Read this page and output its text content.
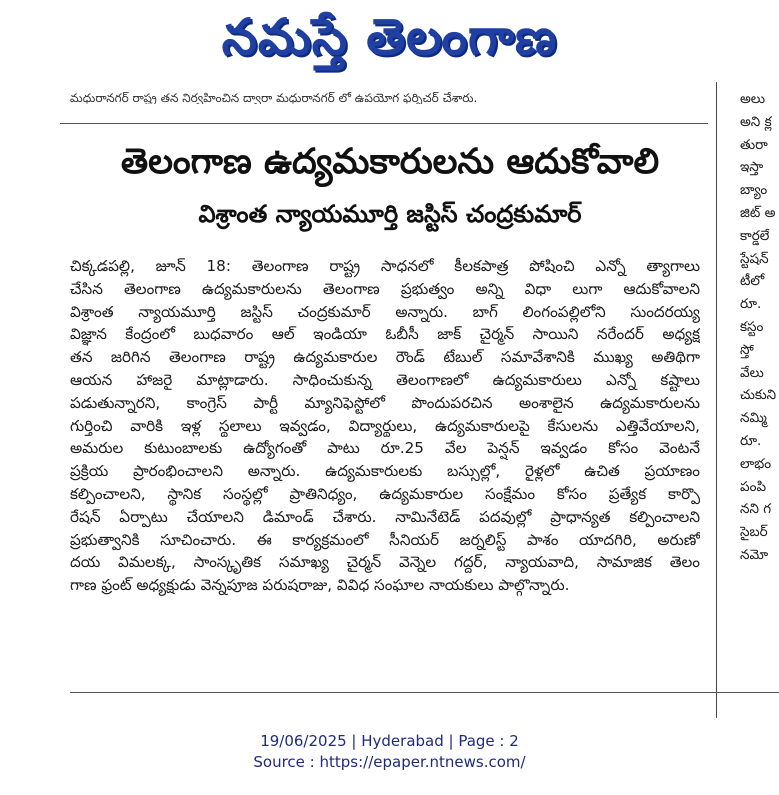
నమస్తే తెలంగాణ
మధురానగర్ రాష్ట్ర తన నిర్వహించిన ద్వారా మధురానగర్ లో ఉపయోగ ఫర్నిచర్ చేశారు.
తెలంగాణ ఉద్యమకారులను ఆదుకోవాలి
విశ్రాంత న్యాయమూర్తి జస్టిస్ చంద్రకుమార్
చిక్కడపల్లి, జూన్ 18: తెలంగాణ రాష్ట్ర సాధనలో కీలకపాత్ర పోషించి ఎన్నో త్యాగాలు
చేసిన తెలంగాణ ఉద్యమకారులను తెలంగాణ ప్రభుత్వం అన్ని విధా లుగా ఆదుకోవాలని
విశ్రాంత న్యాయమూర్తి జస్టిస్ చంద్రకుమార్ అన్నారు. బాగ్ లింగంపల్లిలోని సుందరయ్య
విజ్ఞాన కేంద్రంలో బుధవారం ఆల్ ఇండియా ఓబీసీ జాక్ చైర్మన్ సాయిని నరేందర్ అధ్యక్ష
తన జరిగిన తెలంగాణ రాష్ట్ర ఉద్యమకారుల రౌండ్ టేబుల్ సమావేశానికి ముఖ్య అతిథిగా
ఆయన హాజరై మాట్లాడారు. సాధించుకున్న తెలంగాణలో ఉద్యమకారులు ఎన్నో కష్టాలు
పడుతున్నారని, కాంగ్రెస్ పార్టీ మ్యానిఫెస్టోలో పొందుపరచిన అంశాలైన ఉద్యమకారులను
గుర్తించి వారికి ఇళ్ల స్థలాలు ఇవ్వడం, విద్యార్థులు, ఉద్యమకారులపై కేసులను ఎత్తివేయాలని,
అమరుల కుటుంబాలకు ఉద్యోగంతో పాటు రూ.25 వేల పెన్షన్ ఇవ్వడం కోసం వెంటనే
ప్రక్రియ ప్రారంభించాలని అన్నారు. ఉద్యమకారులకు బస్సుల్లో, రైళ్లలో ఉచిత ప్రయాణం
కల్పించాలని, స్థానిక సంస్థల్లో ప్రాతినిధ్యం, ఉద్యమకారుల సంక్షేమం కోసం ప్రత్యేక కార్పొ
రేషన్ ఏర్పాటు చేయాలని డిమాండ్ చేశారు. నామినేటెడ్ పదవుల్లో ప్రాధాన్యత కల్పించాలని
ప్రభుత్వానికి సూచించారు. ఈ కార్యక్రమంలో సీనియర్ జర్నలిస్ట్ పాశం యాదగిరి, అరుణో
దయ విమలక్క, సాంస్కృతిక సమాఖ్య చైర్మన్ వెన్నెల గద్దర్, న్యాయవాది, సామాజిక తెలం
గాణ ఫ్రంట్ అధ్యక్షుడు వెన్నపూజ పరుషరాజు, వివిధ సంఘాల నాయకులు పాల్గొన్నారు.
అలు
అని క్ల
తురా
ఇస్తా
బ్యాం
జిట్ అ
కార్డలే
స్టేషన్
టీలో
రూ.
కస్టం
స్తో
వేలు
చుకుని
నమ్మి
రూ.
లాభం
పంపి
నని గ
సైబర్
నమో
19/06/2025 | Hyderabad | Page : 2
Source : https://epaper.ntnews.com/
